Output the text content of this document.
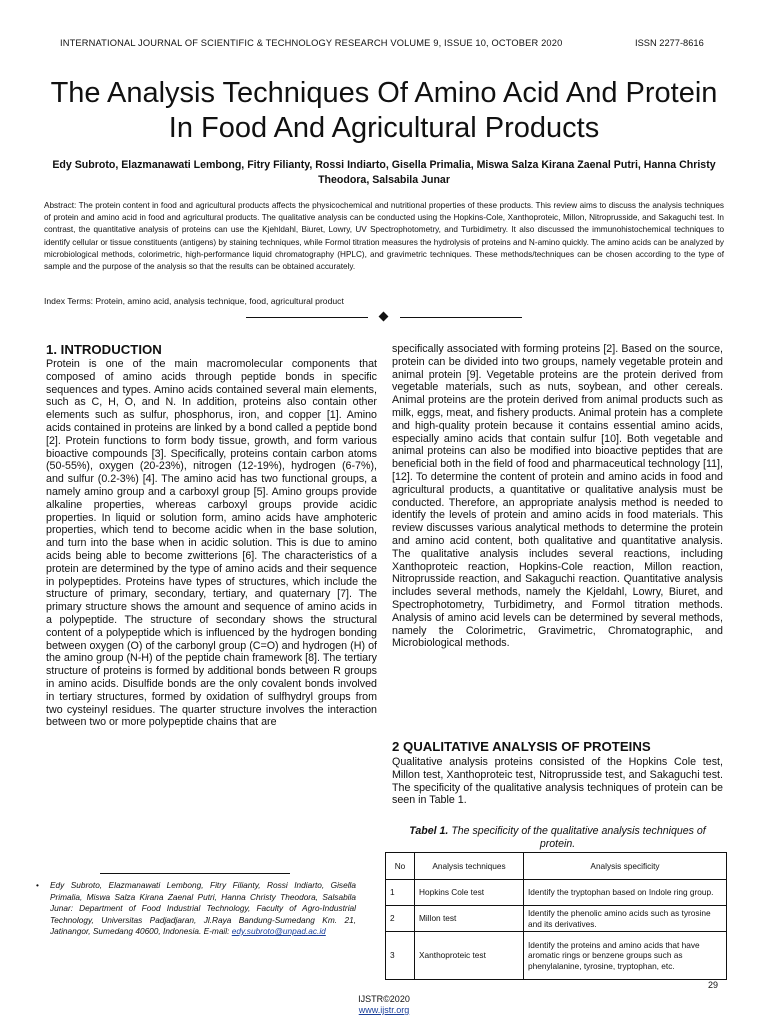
INTERNATIONAL JOURNAL OF SCIENTIFIC & TECHNOLOGY RESEARCH VOLUME 9, ISSUE 10, OCTOBER 2020	ISSN 2277-8616
The Analysis Techniques Of Amino Acid And Protein In Food And Agricultural Products
Edy Subroto, Elazmanawati Lembong, Fitry Filianty, Rossi Indiarto, Gisella Primalia, Miswa Salza Kirana Zaenal Putri, Hanna Christy Theodora, Salsabila Junar
Abstract: The protein content in food and agricultural products affects the physicochemical and nutritional properties of these products. This review aims to discuss the analysis techniques of protein and amino acid in food and agricultural products. The qualitative analysis can be conducted using the Hopkins-Cole, Xanthoproteic, Millon, Nitroprusside, and Sakaguchi test. In contrast, the quantitative analysis of proteins can use the Kjehldahl, Biuret, Lowry, UV Spectrophotometry, and Turbidimetry. It also discussed the immunohistochemical techniques to identify cellular or tissue constituents (antigens) by staining techniques, while Formol titration measures the hydrolysis of proteins and N-amino quickly. The amino acids can be analyzed by microbiological methods, colorimetric, high-performance liquid chromatography (HPLC), and gravimetric techniques. These methods/techniques can be chosen according to the type of sample and the purpose of the analysis so that the results can be obtained accurately.
Index Terms: Protein, amino acid, analysis technique, food, agricultural product
1. INTRODUCTION

Protein is one of the main macromolecular components that composed of amino acids through peptide bonds in specific sequences and types. Amino acids contained several main elements, such as C, H, O, and N. In addition, proteins also contain other elements such as sulfur, phosphorus, iron, and copper [1]. Amino acids contained in proteins are linked by a bond called a peptide bond [2]. Protein functions to form body tissue, growth, and form various bioactive compounds [3]. Specifically, proteins contain carbon atoms (50-55%), oxygen (20-23%), nitrogen (12-19%), hydrogen (6-7%), and sulfur (0.2-3%) [4]. The amino acid has two functional groups, a namely amino group and a carboxyl group [5]. Amino groups provide alkaline properties, whereas carboxyl groups provide acidic properties. In liquid or solution form, amino acids have amphoteric properties, which tend to become acidic when in the base solution, and turn into the base when in acidic solution. This is due to amino acids being able to become zwitterions [6]. The characteristics of a protein are determined by the type of amino acids and their sequence in polypeptides. Proteins have types of structures, which include the structure of primary, secondary, tertiary, and quaternary [7]. The primary structure shows the amount and sequence of amino acids in a polypeptide. The structure of secondary shows the structural content of a polypeptide which is influenced by the hydrogen bonding between oxygen (O) of the carbonyl group (C=O) and hydrogen (H) of the amino group (N-H) of the peptide chain framework [8]. The tertiary structure of proteins is formed by additional bonds between R groups in amino acids. Disulfide bonds are the only covalent bonds involved in tertiary structures, formed by oxidation of sulfhydryl groups from two cysteinyl residues. The quarter structure involves the interaction between two or more polypeptide chains that are

specifically associated with forming proteins [2]. Based on the source, protein can be divided into two groups, namely vegetable protein and animal protein [9]. Vegetable proteins are the protein derived from vegetable materials, such as nuts, soybean, and other cereals. Animal proteins are the protein derived from animal products such as milk, eggs, meat, and fishery products. Animal protein has a complete and high-quality protein because it contains essential amino acids, especially amino acids that contain sulfur [10]. Both vegetable and animal proteins can also be modified into bioactive peptides that are beneficial both in the field of food and pharmaceutical technology [11], [12]. To determine the content of protein and amino acids in food and agricultural products, a quantitative or qualitative analysis must be conducted. Therefore, an appropriate analysis method is needed to identify the levels of protein and amino acids in food materials. This review discusses various analytical methods to determine the protein and amino acid content, both qualitative and quantitative analysis. The qualitative analysis includes several reactions, including Xanthoproteic reaction, Hopkins-Cole reaction, Millon reaction, Nitroprusside reaction, and Sakaguchi reaction. Quantitative analysis includes several methods, namely the Kjeldahl, Lowry, Biuret, and Spectrophotometry, Turbidimetry, and Formol titration methods. Analysis of amino acid levels can be determined by several methods, namely the Colorimetric, Gravimetric, Chromatographic, and Microbiological methods.

2 QUALITATIVE ANALYSIS OF PROTEINS
Qualitative analysis proteins consisted of the Hopkins Cole test, Millon test, Xanthoproteic test, Nitroprusside test, and Sakaguchi test. The specificity of the qualitative analysis techniques of protein can be seen in Table 1.
Tabel 1. The specificity of the qualitative analysis techniques of protein.
No	Analysis techniques	Analysis specificity
1	Hopkins Cole test	Identify the tryptophan based on Indole ring group.
2	Millon test	Identify the phenolic amino acids such as tyrosine and its derivatives.
3	Xanthoproteic test	Identify the proteins and amino acids that have aromatic rings or benzene groups such as phenylalanine, tyrosine, tryptophan, etc.
•	Edy Subroto, Elazmanawati Lembong, Fitry Filianty, Rossi Indiarto, Gisella Primalia, Miswa Salza Kirana Zaenal Putri, Hanna Christy Theodora, Salsabila Junar: Department of Food Industrial Technology, Faculty of Agro-Industrial Technology, Universitas Padjadjaran, Jl.Raya Bandung-Sumedang Km. 21, Jatinangor, Sumedang 40600, Indonesia. E-mail: edy.subroto@unpad.ac.id
29
IJSTR©2020
www.ijstr.org
